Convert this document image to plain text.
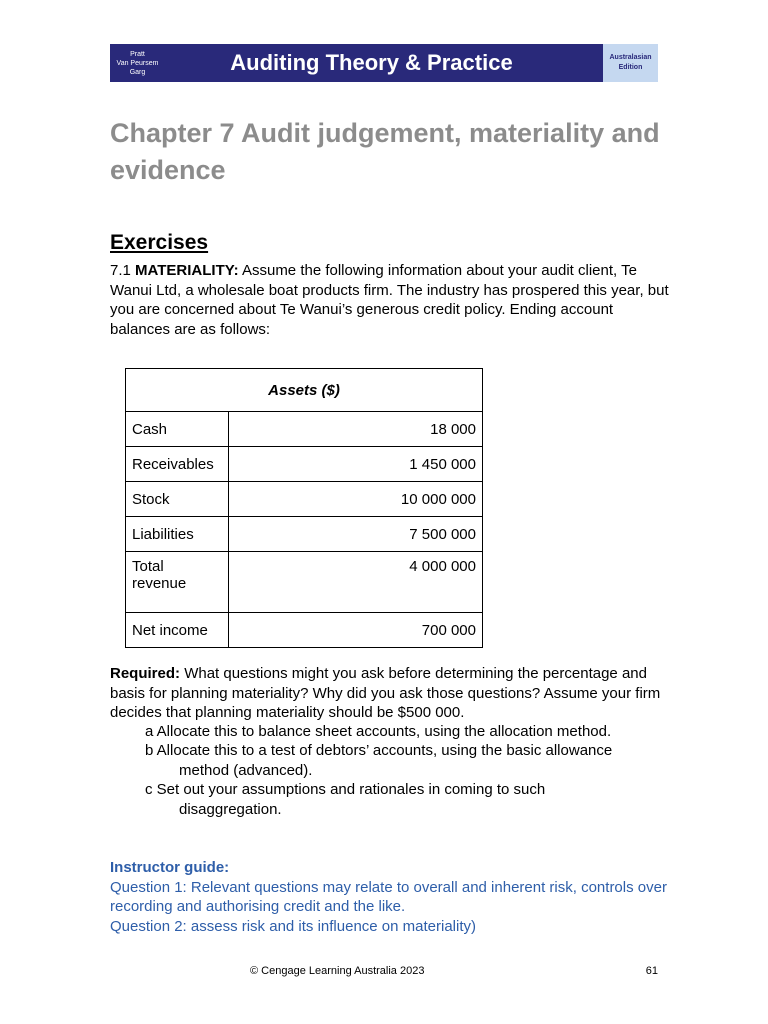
Pratt
Van Peursem
Garg	Auditing Theory & Practice	Australasian
Edition
Chapter 7 Audit judgement, materiality and evidence
Exercises
7.1 MATERIALITY: Assume the following information about your audit client, Te Wanui Ltd, a wholesale boat products firm. The industry has prospered this year, but you are concerned about Te Wanui’s generous credit policy. Ending account balances are as follows:
Assets ($)	
Cash	18 000
Receivables	1 450 000
Stock	10 000 000
Liabilities	7 500 000
Total revenue	4 000 000
Net income	700 000
Required: What questions might you ask before determining the percentage and basis for planning materiality? Why did you ask those questions? Assume your firm decides that planning materiality should be $500 000.
a Allocate this to balance sheet accounts, using the allocation method.
b Allocate this to a test of debtors’ accounts, using the basic allowance
method (advanced).
c Set out your assumptions and rationales in coming to such
disaggregation.
Instructor guide:
Question 1: Relevant questions may relate to overall and inherent risk, controls over recording and authorising credit and the like.
Question 2: assess risk and its influence on materiality)
© Cengage Learning Australia 2023	61
